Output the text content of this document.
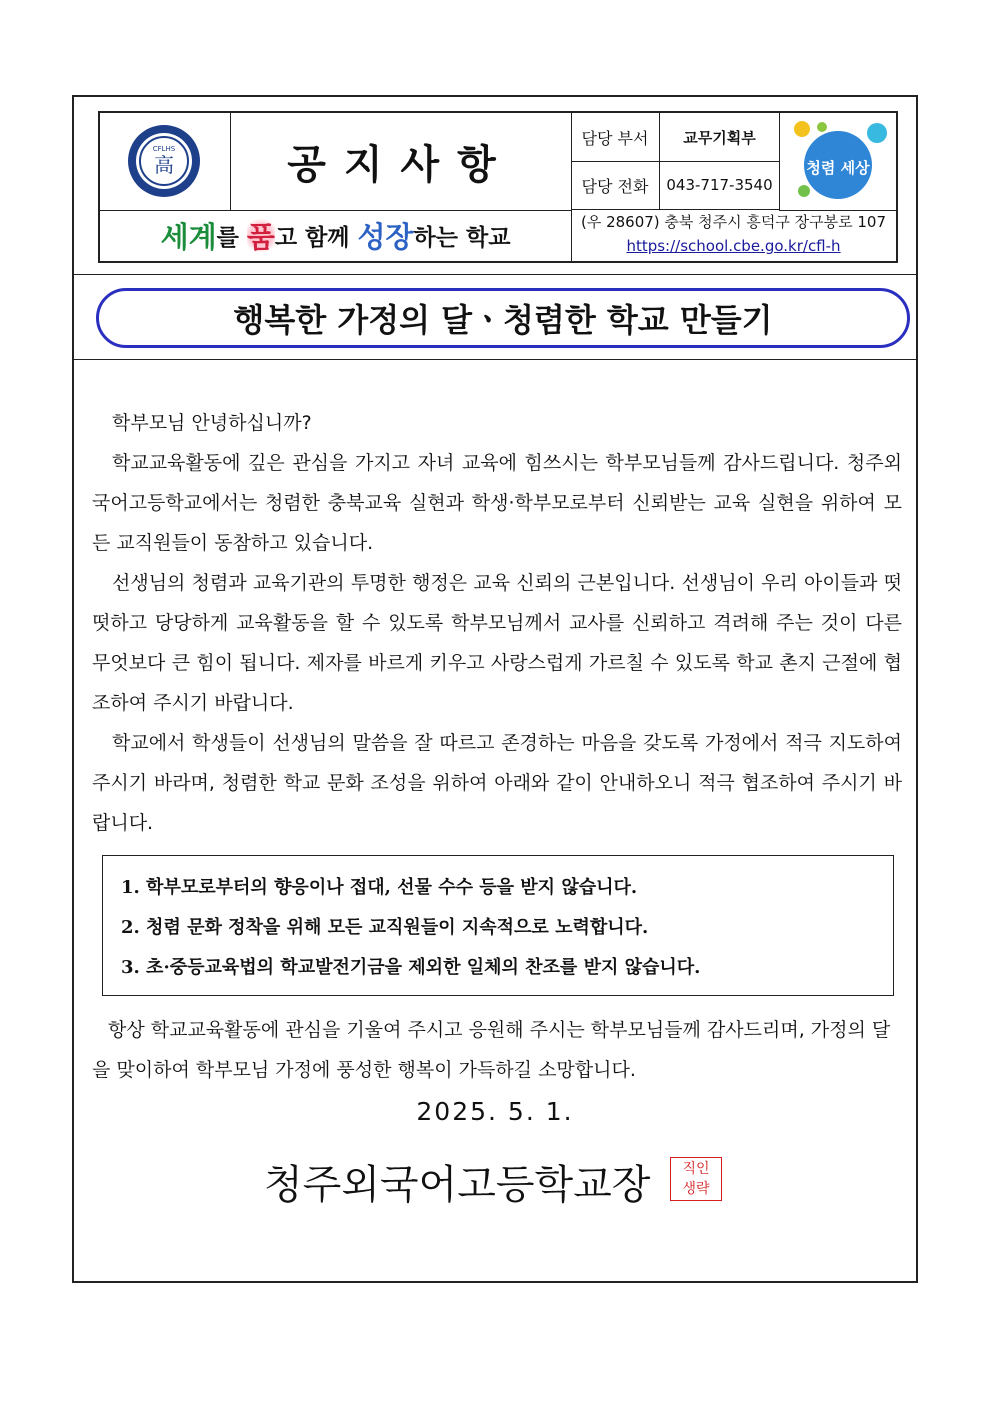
CFLHS
高	공지사항
담당 부서	교무기획부
담당 전화	043-717-3540
청렴 세상
세계 를 품 고 함께 성장 하는 학교
(우 28607) 충북 청주시 흥덕구 장구봉로 107
https://school.cbe.go.kr/cfl-h
행복한 가정의 달ㆍ청렴한 학교 만들기

학부모님 안녕하십니까?

학교교육활동에 깊은 관심을 가지고 자녀 교육에 힘쓰시는 학부모님들께 감사드립니다. 청주외국어고등학교에서는 청렴한 충북교육 실현과 학생·학부모로부터 신뢰받는 교육 실현을 위하여 모든 교직원들이 동참하고 있습니다.

선생님의 청렴과 교육기관의 투명한 행정은 교육 신뢰의 근본입니다. 선생님이 우리 아이들과 떳떳하고 당당하게 교육활동을 할 수 있도록 학부모님께서 교사를 신뢰하고 격려해 주는 것이 다른 무엇보다 큰 힘이 됩니다. 제자를 바르게 키우고 사랑스럽게 가르칠 수 있도록 학교 촌지 근절에 협조하여 주시기 바랍니다.

학교에서 학생들이 선생님의 말씀을 잘 따르고 존경하는 마음을 갖도록 가정에서 적극 지도하여 주시기 바라며, 청렴한 학교 문화 조성을 위하여 아래와 같이 안내하오니 적극 협조하여 주시기 바랍니다.

1. 학부모로부터의 향응이나 접대, 선물 수수 등을 받지 않습니다.
2. 청렴 문화 정착을 위해 모든 교직원들이 지속적으로 노력합니다.
3. 초·중등교육법의 학교발전기금을 제외한 일체의 찬조를 받지 않습니다.

항상 학교교육활동에 관심을 기울여 주시고 응원해 주시는 학부모님들께 감사드리며, 가정의 달을 맞이하여 학부모님 가정에 풍성한 행복이 가득하길 소망합니다.

2025. 5. 1.
청주외국어고등학교장	직인
생략
